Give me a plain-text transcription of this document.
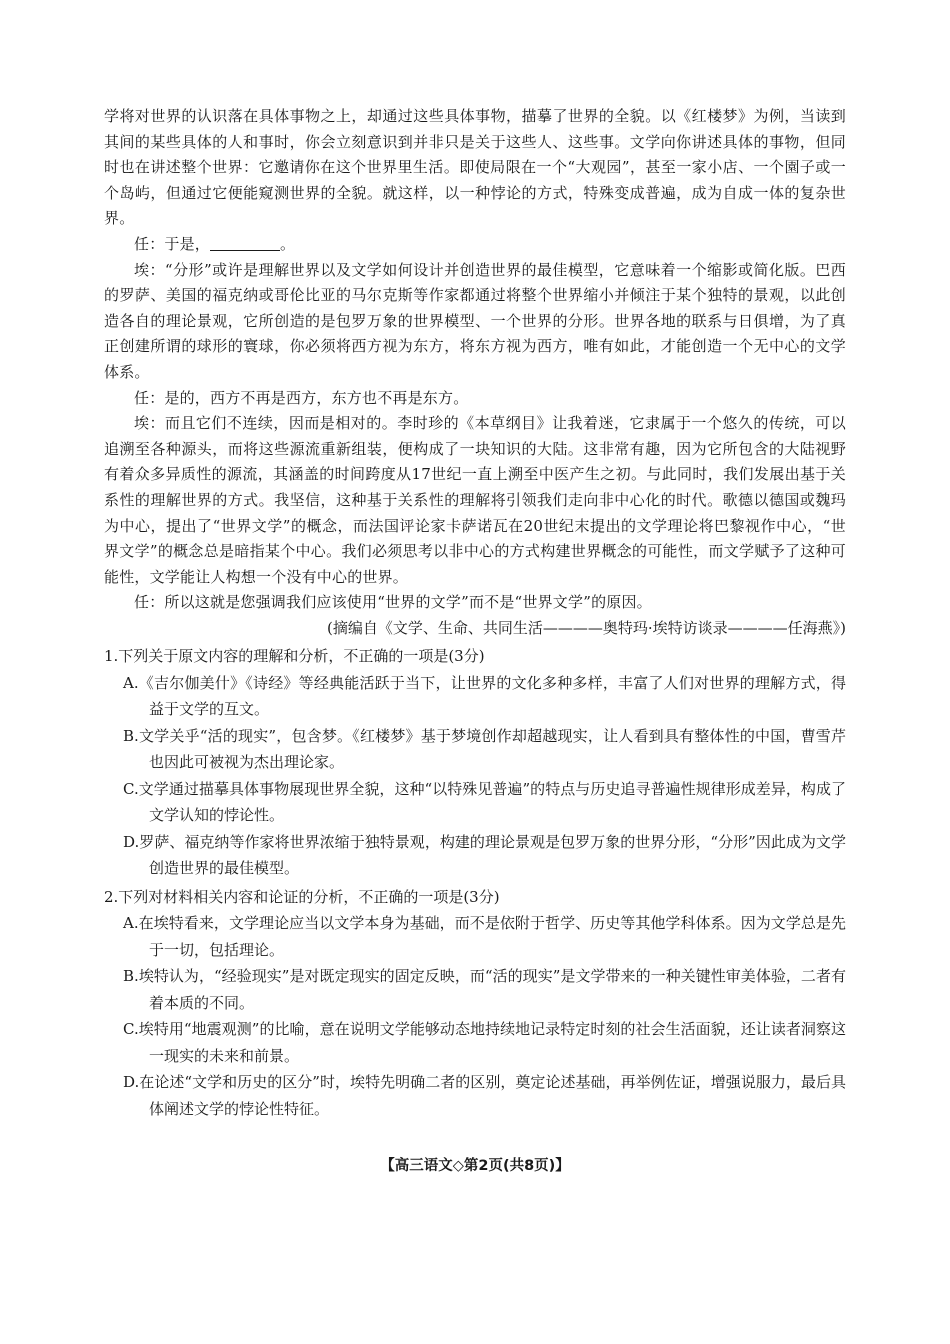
学将对世界的认识落在具体事物之上，却通过这些具体事物，描摹了世界的全貌。以《红楼梦》为例，当读到其间的某些具体的人和事时，你会立刻意识到并非只是关于这些人、这些事。文学向你讲述具体的事物，但同时也在讲述整个世界：它邀请你在这个世界里生活。即使局限在一个“大观园”，甚至一家小店、一个園子或一个岛屿，但通过它便能窥测世界的全貌。就这样，以一种悖论的方式，特殊变成普遍，成为自成一体的复杂世界。

任：于是，	。

埃：“分形”或许是理解世界以及文学如何设计并创造世界的最佳模型，它意味着一个缩影或简化版。巴西的罗萨、美国的福克纳或哥伦比亚的马尔克斯等作家都通过将整个世界缩小并倾注于某个独特的景观，以此创造各自的理论景观，它所创造的是包罗万象的世界模型、一个世界的分形。世界各地的联系与日俱增，为了真正创建所谓的球形的寰球，你必须将西方视为东方，将东方视为西方，唯有如此，才能创造一个无中心的文学体系。

任：是的，西方不再是西方，东方也不再是东方。

埃：而且它们不连续，因而是相对的。李时珍的《本草纲目》让我着迷，它隶属于一个悠久的传统，可以追溯至各种源头，而将这些源流重新组装，便构成了一块知识的大陆。这非常有趣，因为它所包含的大陆视野有着众多异质性的源流，其涵盖的时间跨度从17世纪一直上溯至中医产生之初。与此同时，我们发展出基于关系性的理解世界的方式。我坚信，这种基于关系性的理解将引领我们走向非中心化的时代。歌德以德国或魏玛为中心，提出了“世界文学”的概念，而法国评论家卡萨诺瓦在20世纪末提出的文学理论将巴黎视作中心，“世界文学”的概念总是暗指某个中心。我们必须思考以非中心的方式构建世界概念的可能性，而文学赋予了这种可能性，文学能让人构想一个没有中心的世界。

任：所以这就是您强调我们应该使用“世界的文学”而不是“世界文学”的原因。

(摘编自《文学、生命、共同生活————奥特玛·埃特访谈录————任海燕》)

1.下列关于原文内容的理解和分析，不正确的一项是(3分)

A.《吉尔伽美什》《诗经》等经典能活跃于当下，让世界的文化多种多样，丰富了人们对世界的理解方式，得益于文学的互文。

B.文学关乎“活的现实”，包含梦。《红楼梦》基于梦境创作却超越现实，让人看到具有整体性的中国，曹雪芹也因此可被视为杰出理论家。

C.文学通过描摹具体事物展现世界全貌，这种“以特殊见普遍”的特点与历史追寻普遍性规律形成差异，构成了文学认知的悖论性。

D.罗萨、福克纳等作家将世界浓缩于独特景观，构建的理论景观是包罗万象的世界分形，“分形”因此成为文学创造世界的最佳模型。

2.下列对材料相关内容和论证的分析，不正确的一项是(3分)

A.在埃特看来，文学理论应当以文学本身为基础，而不是依附于哲学、历史等其他学科体系。因为文学总是先于一切，包括理论。

B.埃特认为，“经验现实”是对既定现实的固定反映，而“活的现实”是文学带来的一种关键性审美体验，二者有着本质的不同。

C.埃特用“地震观测”的比喻，意在说明文学能够动态地持续地记录特定时刻的社会生活面貌，还让读者洞察这一现实的未来和前景。

D.在论述“文学和历史的区分”时，埃特先明确二者的区别，奠定论述基础，再举例佐证，增强说服力，最后具体阐述文学的悖论性特征。

【高三语文◇第2页(共8页)】
